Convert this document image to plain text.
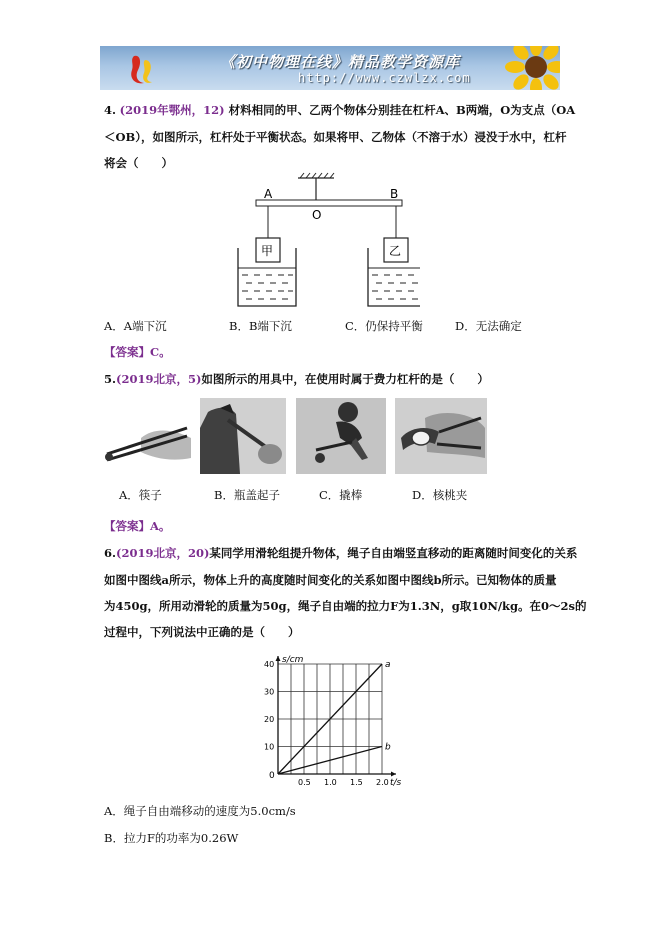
《初中物理在线》精品教学资源库
http://www.czwlzx.com
4. (2019年鄂州，12) 材料相同的甲、乙两个物体分别挂在杠杆A、B两端，O为支点（OA
＜OB），如图所示，杠杆处于平衡状态。如果将甲、乙物体（不溶于水）浸没于水中，杠杆
将会（　　）
A	B
O
甲	乙
A．A端下沉	B．B端下沉	C．仍保持平衡	D．无法确定
【答案】C。
5.(2019北京，5)如图所示的用具中，在使用时属于费力杠杆的是（　　）
A．筷子	B．瓶盖起子	C．撬棒	D．核桃夹
【答案】A。
6.(2019北京，20)某同学用滑轮组提升物体，绳子自由端竖直移动的距离随时间变化的关系
如图中图线a所示，物体上升的高度随时间变化的关系如图中图线b所示。已知物体的质量
为450g，所用动滑轮的质量为50g，绳子自由端的拉力F为1.3N，g取10N/kg。在0～2s的
过程中，下列说法中正确的是（　　）
0.5 1.0 1.5 2.0
10
20
30
40	a
b
s/cm
t/s
0
A．绳子自由端移动的速度为5.0cm/s
B．拉力F的功率为0.26W
